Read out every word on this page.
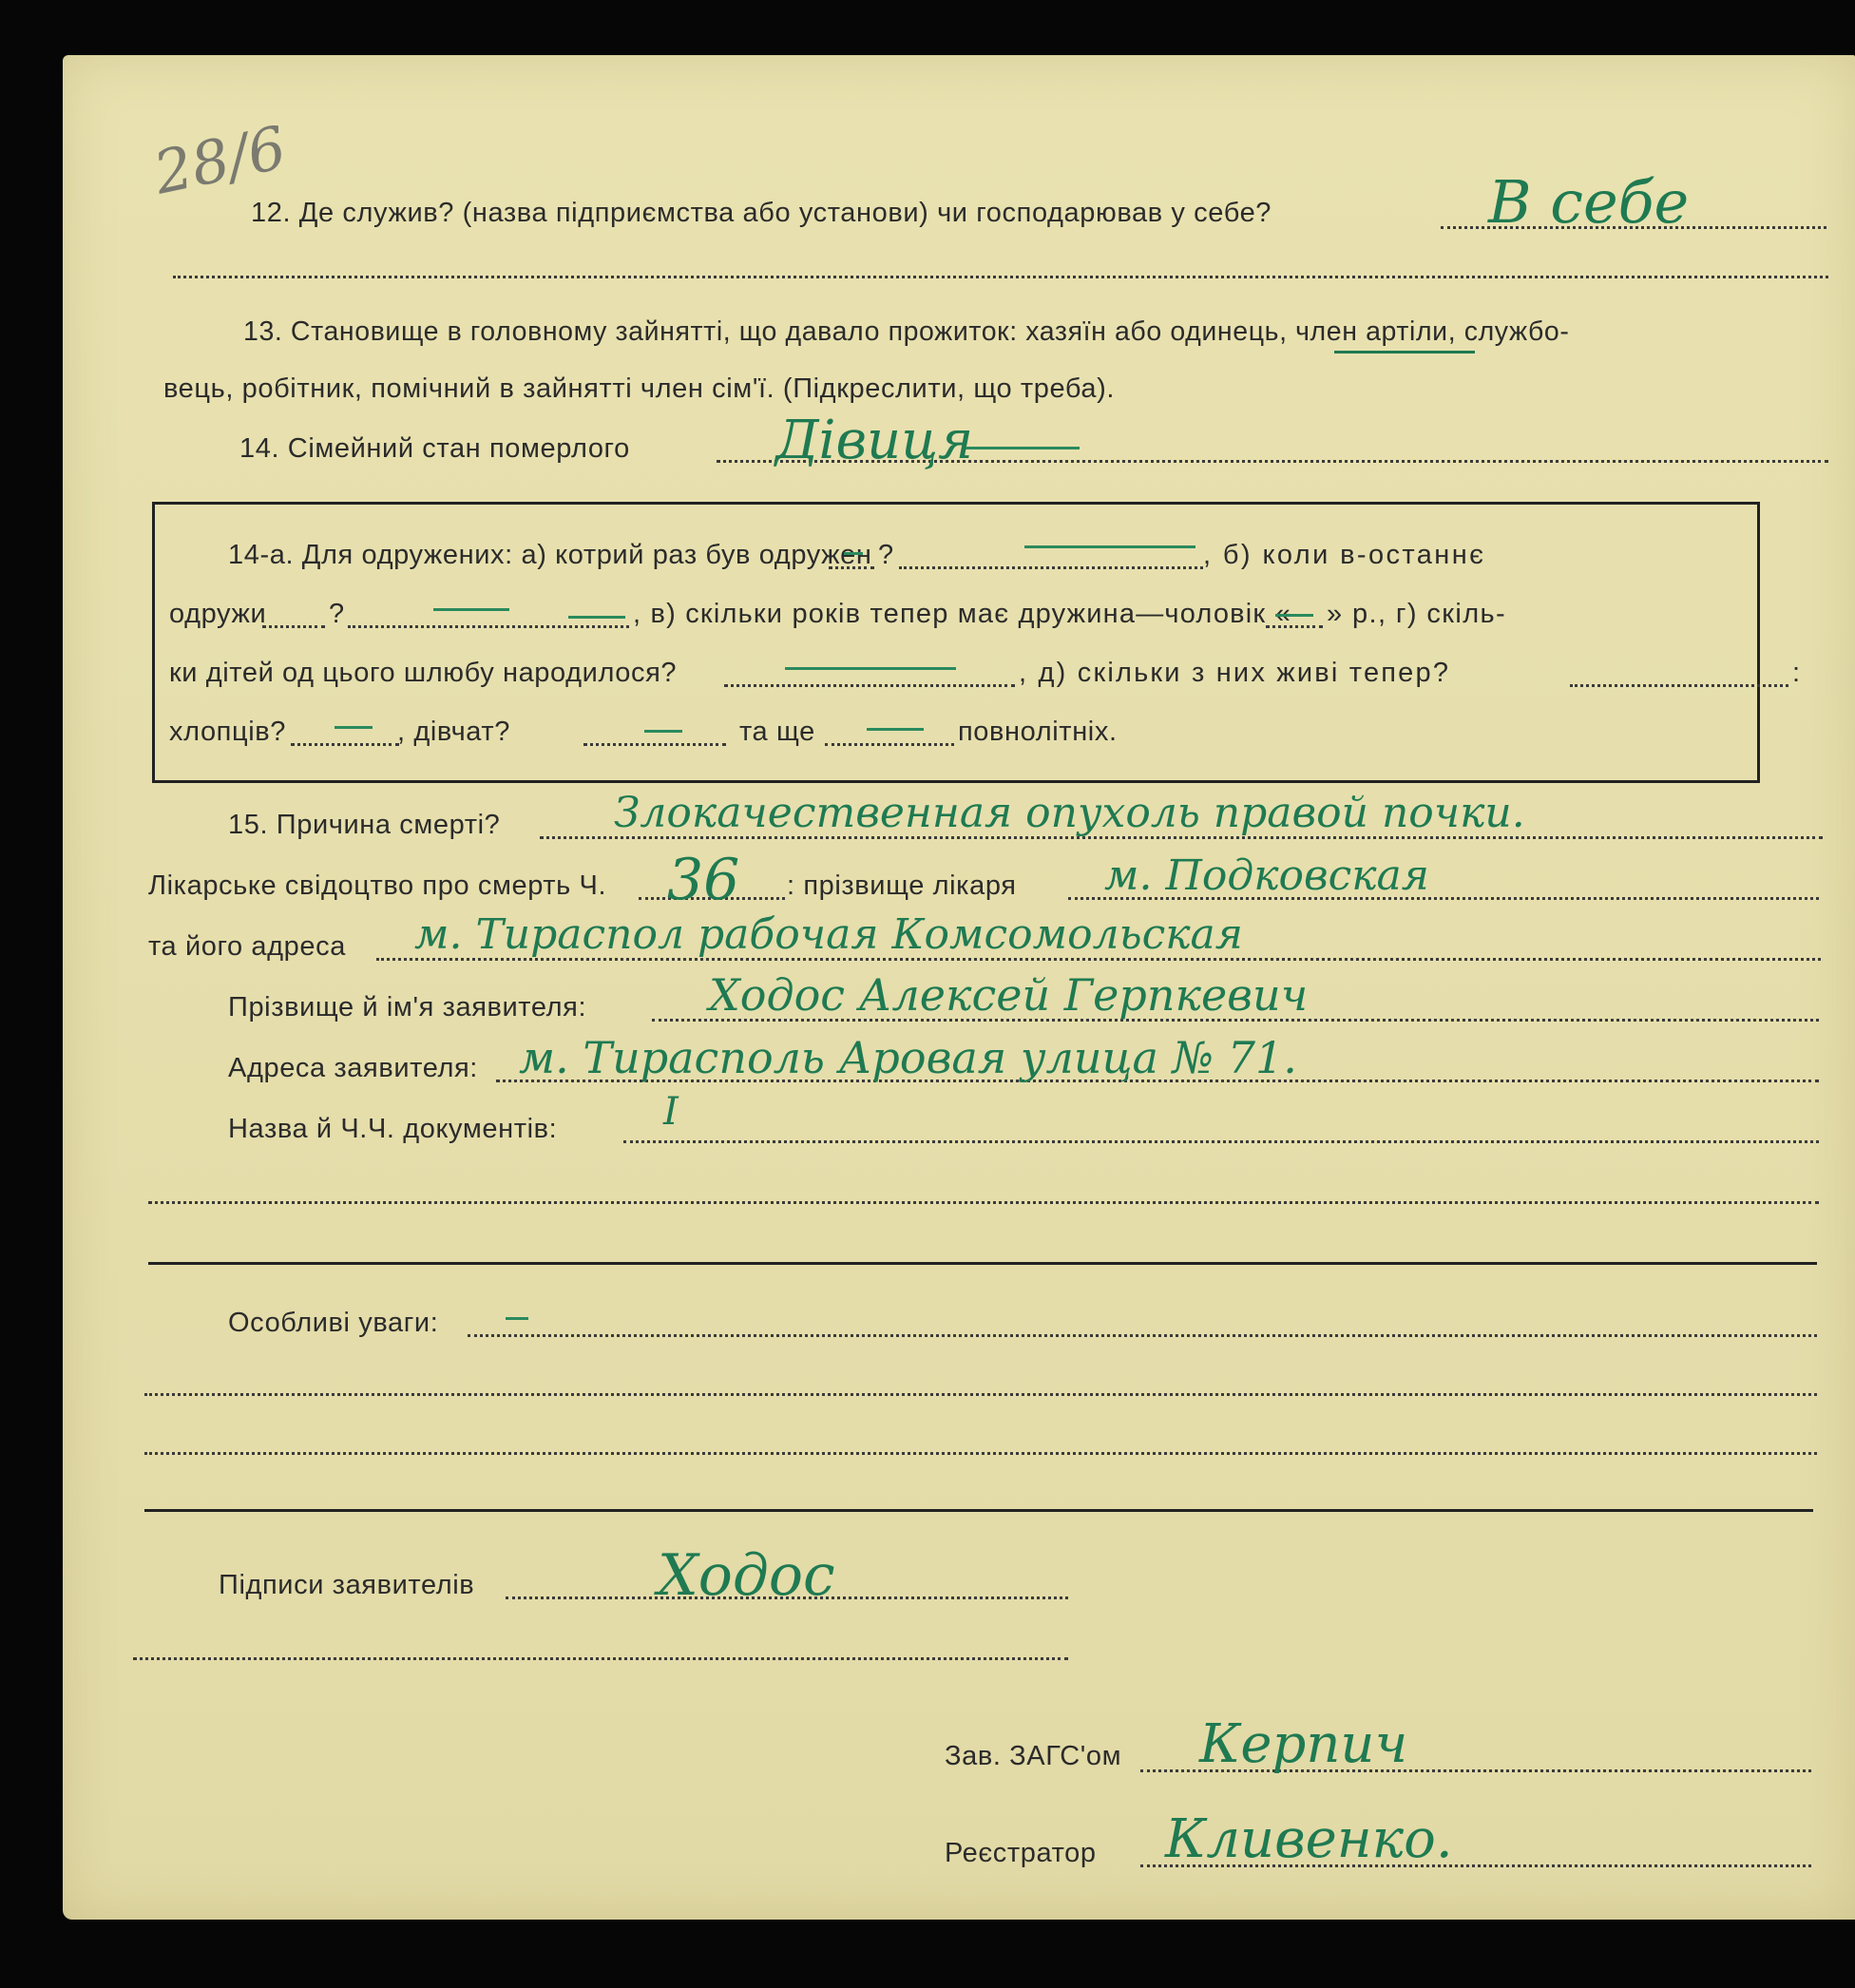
28/6
12. Де служив? (назва підприємства або установи) чи господарював у себе?	В себе
13. Становище в головному зайнятті, що давало прожиток: хазяїн або одинець, член артіли, службо-
вець, робітник, помічний в зайнятті член сім'ї. (Підкреслити, що треба).
14. Сімейний стан померлого	Дівиця
14-а. Для одружених: а) котрий раз був одружен ?	, б) коли в-останнє
одружи ?	, в) скільки років тепер має дружина—чоловік « » р., г) скіль-
ки дітей од цього шлюбу народилося?	, д) скільки з них живі тепер?	:
хлопців?	, дівчат?	та ще	повнолітніх.
15. Причина смерті?	Злокачественная опухоль правой почки.
Лікарське свідоцтво про смерть Ч. 36 : прізвище лікаря м. Подковская
та його адреса м. Тираспол рабочая Комсомольская
Прізвище й ім'я заявителя:	Ходос Алексей Герпкевич
Адреса заявителя: м. Тирасполь Аровая улица № 71.
Назва й Ч.Ч. документів:	I
Особливі уваги:
Підписи заявителів	Ходос
Зав. ЗАГС'ом Керпич
Реєстратор Кливенко.
